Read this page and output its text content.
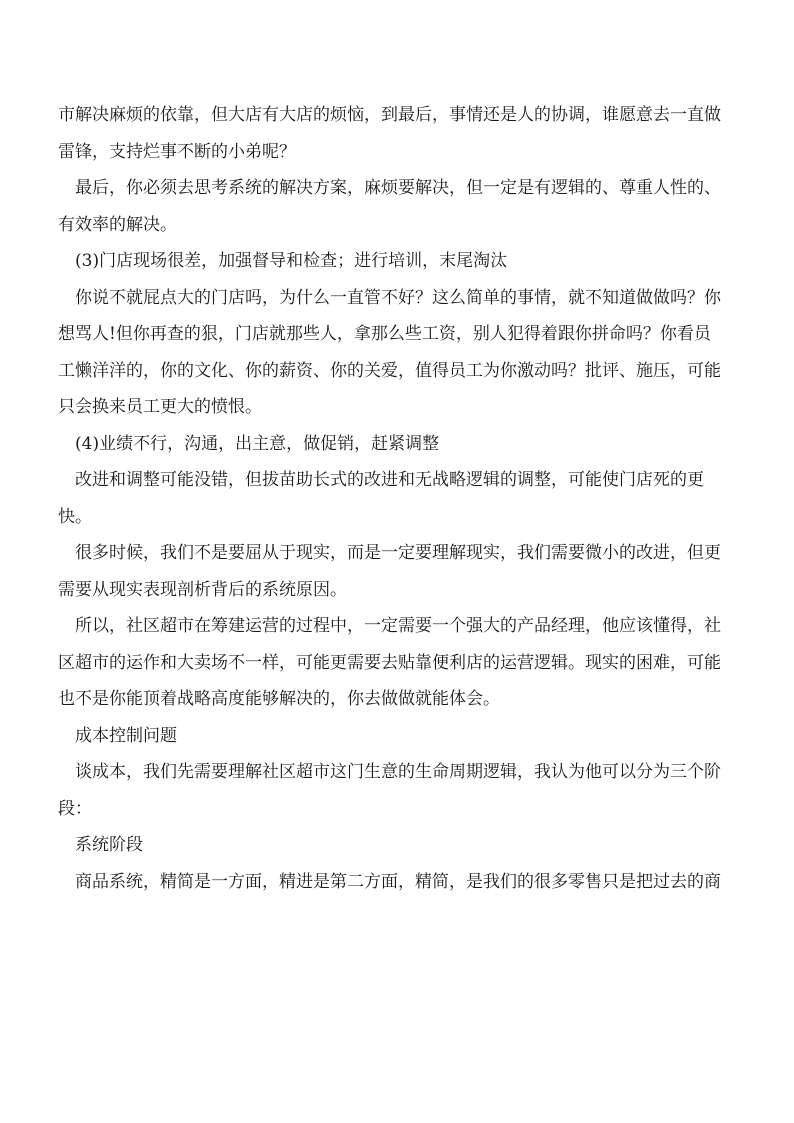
市解决麻烦的依靠，但大店有大店的烦恼，到最后，事情还是人的协调，谁愿意去一直做
雷锋，支持烂事不断的小弟呢？

最后，你必须去思考系统的解决方案，麻烦要解决，但一定是有逻辑的、尊重人性的、
有效率的解决。

(3)门店现场很差，加强督导和检查；进行培训，末尾淘汰

你说不就屁点大的门店吗，为什么一直管不好？这么简单的事情，就不知道做做吗？你
想骂人!但你再查的狠，门店就那些人，拿那么些工资，别人犯得着跟你拼命吗？你看员
工懒洋洋的，你的文化、你的薪资、你的关爱，值得员工为你激动吗？批评、施压，可能
只会换来员工更大的愤恨。

(4)业绩不行，沟通，出主意，做促销，赶紧调整

改进和调整可能没错，但拔苗助长式的改进和无战略逻辑的调整，可能使门店死的更
快。

很多时候，我们不是要屈从于现实，而是一定要理解现实，我们需要微小的改进，但更
需要从现实表现剖析背后的系统原因。

所以，社区超市在筹建运营的过程中，一定需要一个强大的产品经理，他应该懂得，社
区超市的运作和大卖场不一样，可能更需要去贴靠便利店的运营逻辑。现实的困难，可能
也不是你能顶着战略高度能够解决的，你去做做就能体会。

成本控制问题

谈成本，我们先需要理解社区超市这门生意的生命周期逻辑，我认为他可以分为三个阶
段：

系统阶段

商品系统，精简是一方面，精进是第二方面，精简，是我们的很多零售只是把过去的商
